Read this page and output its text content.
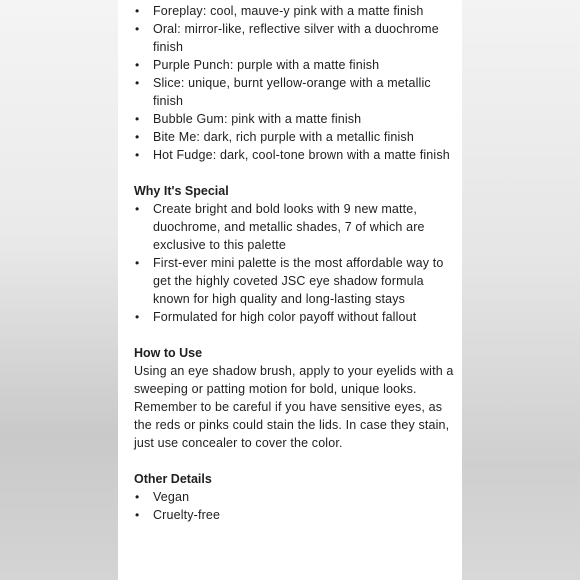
• Foreplay: cool, mauve-y pink with a matte finish
• Oral: mirror-like, reflective silver with a duochrome finish
• Purple Punch: purple with a matte finish
• Slice: unique, burnt yellow-orange with a metallic finish
• Bubble Gum: pink with a matte finish
• Bite Me: dark, rich purple with a metallic finish
• Hot Fudge: dark, cool-tone brown with a matte finish
Why It's Special
• Create bright and bold looks with 9 new matte, duochrome, and metallic shades, 7 of which are exclusive to this palette
• First-ever mini palette is the most affordable way to get the highly coveted JSC eye shadow formula known for high quality and long-lasting stays
• Formulated for high color payoff without fallout
How to Use

Using an eye shadow brush, apply to your eyelids with a sweeping or patting motion for bold, unique looks. Remember to be careful if you have sensitive eyes, as the reds or pinks could stain the lids. In case they stain, just use concealer to cover the color.

Other Details
• Vegan
• Cruelty-free
